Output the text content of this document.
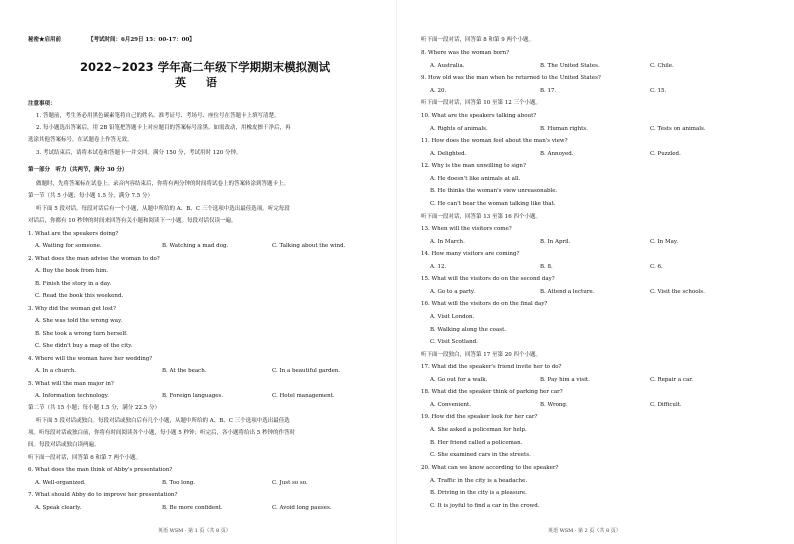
秘密★启用前	【考试时间：6月29日 15：00-17：00】
2022~2023 学年高二年级下学期期末模拟测试
英 语
注意事项：
1. 答题前，考生务必用黑色碳素笔将自己的姓名、准考证号、考场号、座位号在答题卡上填写清楚。
2. 每小题选出答案后，用 2B 铅笔把答题卡上对应题目的答案标号涂黑。如需改动，用橡皮擦干净后，再
选涂其他答案标号。在试题卷上作答无效。
3. 考试结束后，请将本试卷和答题卡一并交回。满分 150 分，考试用时 120 分钟。
第一部分　听力（共两节，满分 30 分）
做题时，先将答案标在试卷上。录音内容结束后，你将有两分钟的时间将试卷上的答案转涂到答题卡上。
第一节（共 5 小题；每小题 1.5 分，满分 7.5 分）
听下面 5 段对话。每段对话后有一个小题，从题中所给的 A、B、C 三个选项中选出最佳选项。听完每段
对话后，你都有 10 秒钟的时间来回答有关小题和阅读下一小题。每段对话仅读一遍。
1. What are the speakers doing?
A. Waiting for someone.	B. Watching a mad dog.	C. Talking about the wind.
2. What does the man advise the woman to do?
A. Buy the book from him.
B. Finish the story in a day.
C. Read the book this weekend.
3. Why did the woman get lost?
A. She was told the wrong way.
B. She took a wrong turn herself.
C. She didn't buy a map of the city.
4. Where will the woman have her wedding?
A. In a church.	B. At the beach.	C. In a beautiful garden.
5. What will the man major in?
A. Information technology.	B. Foreign languages.	C. Hotel management.
第二节（共 15 小题；每小题 1.5 分，满分 22.5 分）
听下面 5 段对话或独白。每段对话或独白后有几个小题，从题中所给的 A、B、C 三个选项中选出最佳选
项。听每段对话或独白前，你将有时间阅读各个小题，每小题 5 秒钟；听完后，各小题将给出 5 秒钟的作答时
间。每段对话或独白读两遍。
听下面一段对话，回答第 6 和第 7 两个小题。
6. What does the man think of Abby's presentation?
A. Well-organized.	B. Too long.	C. Just so so.
7. What should Abby do to improve her presentation?
A. Speak clearly.	B. Be more confident.	C. Avoid long pauses.
英语 WSM · 第 1 页（共 8 页）
听下面一段对话，回答第 8 和第 9 两个小题。
8. Where was the woman born?
A. Australia.	B. The United States.	C. Chile.
9. How old was the man when he returned to the United States?
A. 20.	B. 17.	C. 15.
听下面一段对话，回答第 10 至第 12 三个小题。
10. What are the speakers talking about?
A. Rights of animals.	B. Human rights.	C. Tests on animals.
11. How does the woman feel about the man's view?
A. Delighted.	B. Annoyed.	C. Puzzled.
12. Why is the man unwilling to sign?
A. He doesn't like animals at all.
B. He thinks the woman's view unreasonable.
C. He can't bear the woman talking like that.
听下面一段对话，回答第 13 至第 16 四个小题。
13. When will the visitors come?
A. In March.	B. In April.	C. In May.
14. How many visitors are coming?
A. 12.	B. 8.	C. 6.
15. What will the visitors do on the second day?
A. Go to a party.	B. Attend a lecture.	C. Visit the schools.
16. What will the visitors do on the final day?
A. Visit London.
B. Walking along the coast.
C. Visit Scotland.
听下面一段独白，回答第 17 至第 20 四个小题。
17. What did the speaker's friend invite her to do?
A. Go out for a walk.	B. Pay him a visit.	C. Repair a car.
18. What did the speaker think of parking her car?
A. Convenient.	B. Wrong.	C. Difficult.
19. How did the speaker look for her car?
A. She asked a policeman for help.
B. Her friend called a policeman.
C. She examined cars in the streets.
20. What can we know according to the speaker?
A. Traffic in the city is a headache.
B. Driving in the city is a pleasure.
C. It is joyful to find a car in the crowd.
英语 WSM · 第 2 页（共 8 页）
